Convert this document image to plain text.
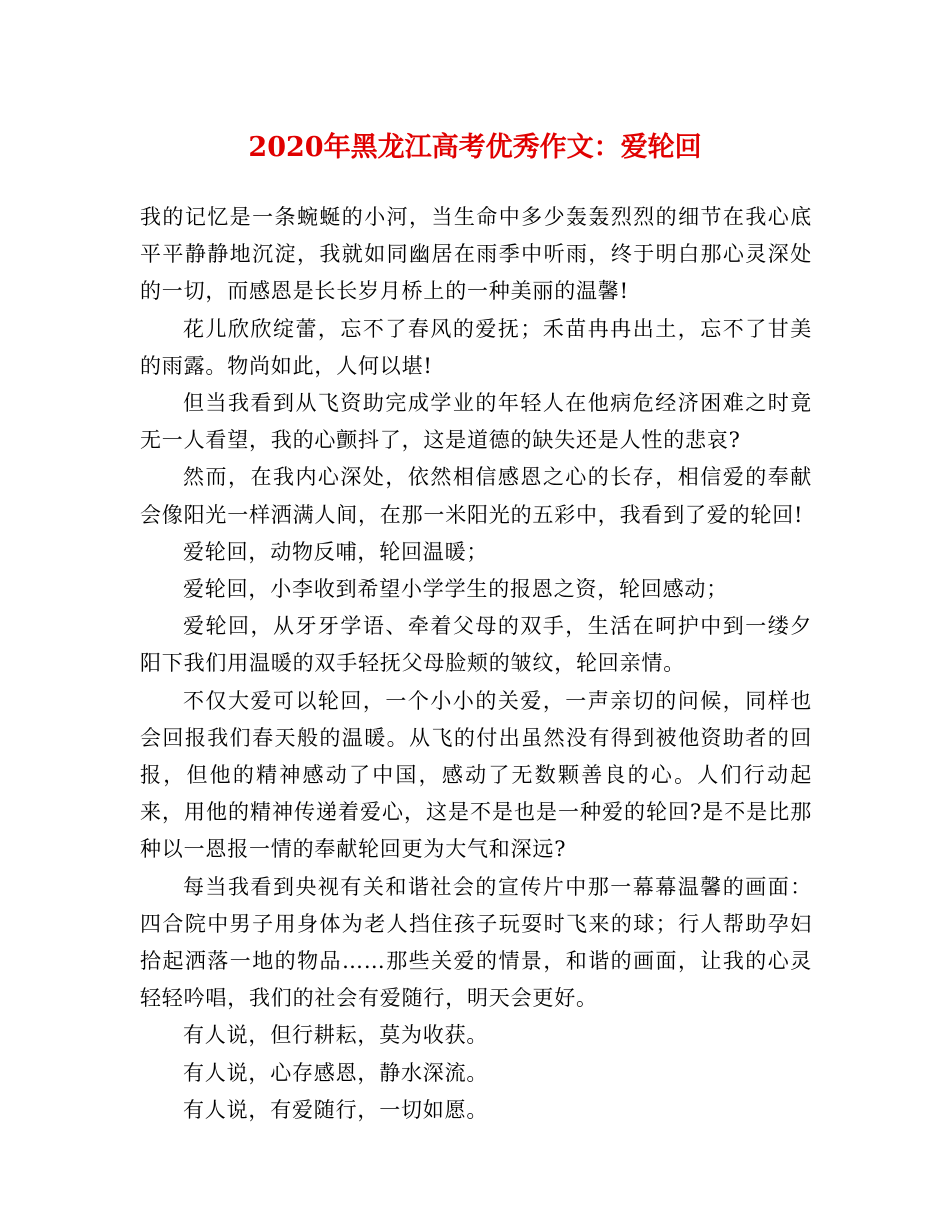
2020年黑龙江高考优秀作文：爱轮回

我的记忆是一条蜿蜒的小河，当生命中多少轰轰烈烈的细节在我心底平平静静地沉淀，我就如同幽居在雨季中听雨，终于明白那心灵深处的一切，而感恩是长长岁月桥上的一种美丽的温馨!

花儿欣欣绽蕾，忘不了春风的爱抚；禾苗冉冉出土，忘不了甘美的雨露。物尚如此，人何以堪!

但当我看到从飞资助完成学业的年轻人在他病危经济困难之时竟无一人看望，我的心颤抖了，这是道德的缺失还是人性的悲哀?

然而，在我内心深处，依然相信感恩之心的长存，相信爱的奉献会像阳光一样洒满人间，在那一米阳光的五彩中，我看到了爱的轮回!

爱轮回，动物反哺，轮回温暖；

爱轮回，小李收到希望小学学生的报恩之资，轮回感动；

爱轮回，从牙牙学语、牵着父母的双手，生活在呵护中到一缕夕阳下我们用温暖的双手轻抚父母脸颊的皱纹，轮回亲情。

不仅大爱可以轮回，一个小小的关爱，一声亲切的问候，同样也会回报我们春天般的温暖。从飞的付出虽然没有得到被他资助者的回报，但他的精神感动了中国，感动了无数颗善良的心。人们行动起来，用他的精神传递着爱心，这是不是也是一种爱的轮回?是不是比那种以一恩报一情的奉献轮回更为大气和深远?

每当我看到央视有关和谐社会的宣传片中那一幕幕温馨的画面：四合院中男子用身体为老人挡住孩子玩耍时飞来的球；行人帮助孕妇拾起洒落一地的物品……那些关爱的情景，和谐的画面，让我的心灵轻轻吟唱，我们的社会有爱随行，明天会更好。

有人说，但行耕耘，莫为收获。

有人说，心存感恩，静水深流。

有人说，有爱随行，一切如愿。
